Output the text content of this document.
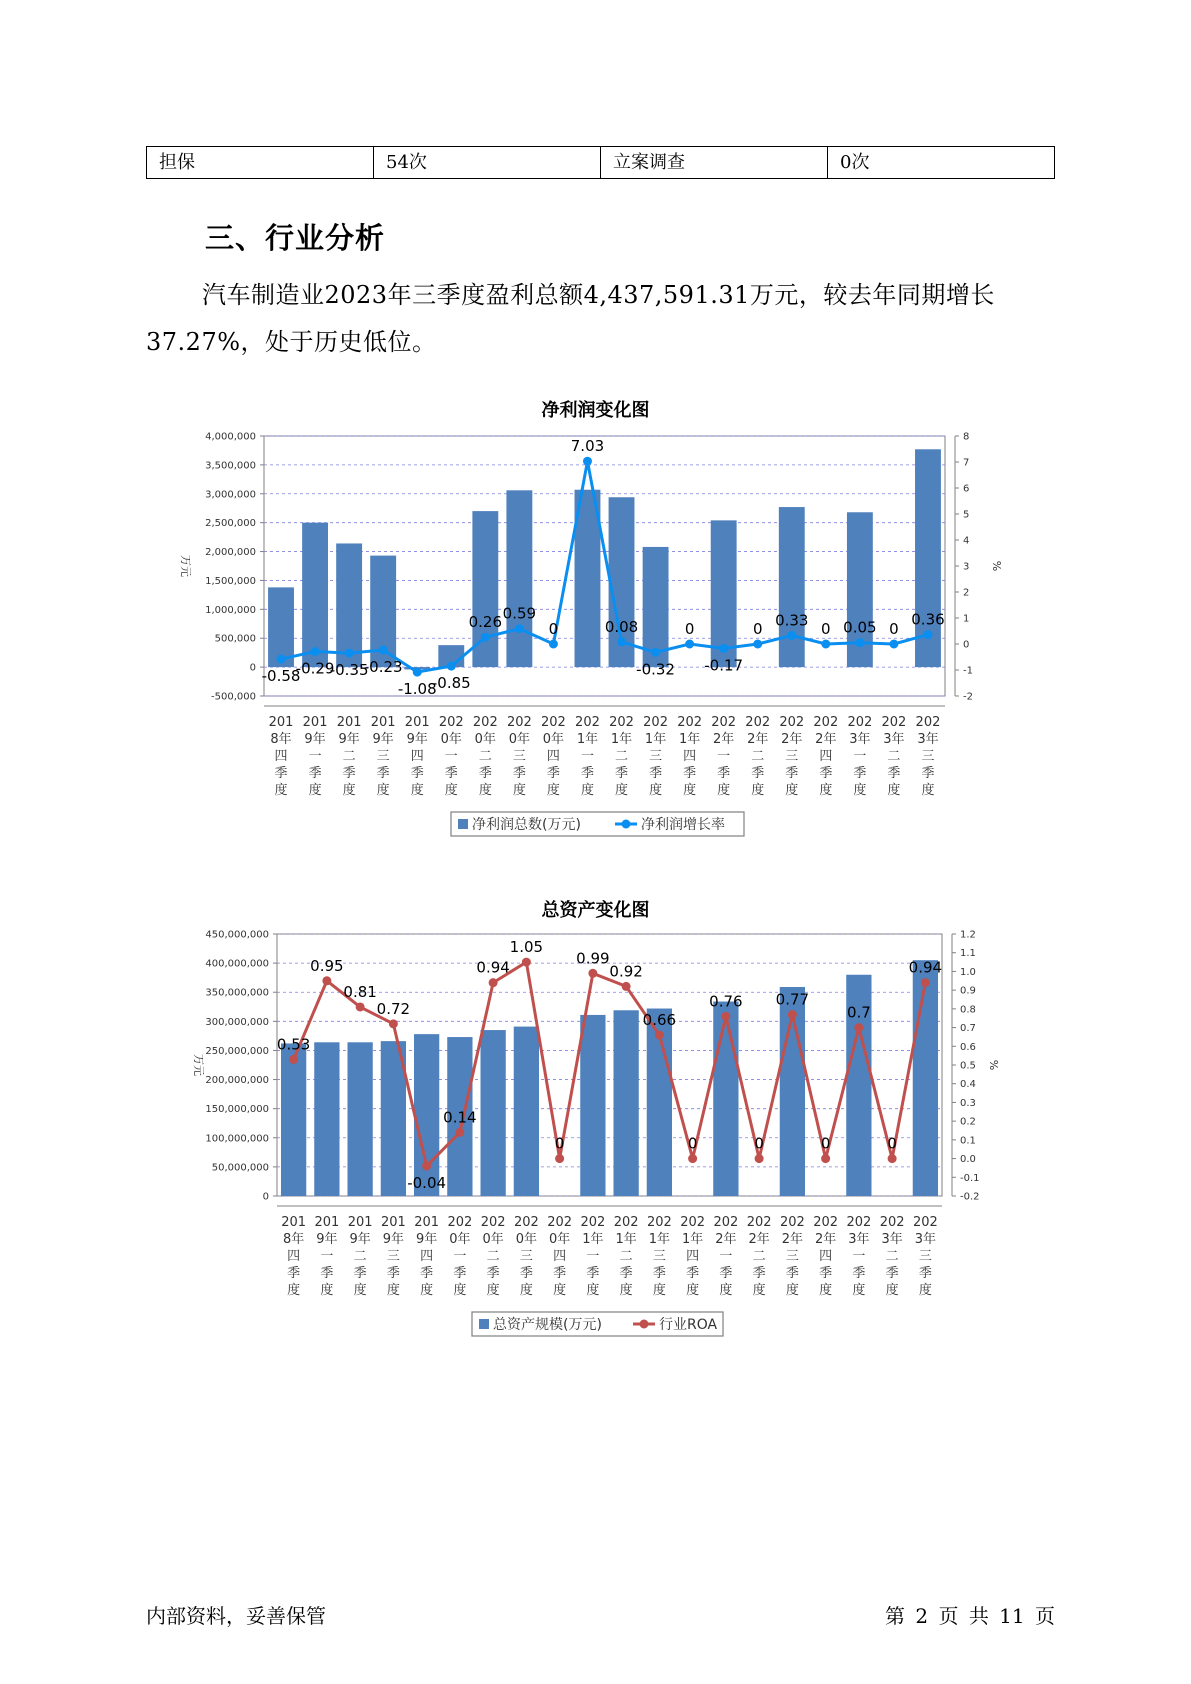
担保	54次	立案调查	0次
三、行业分析
汽车制造业2023年三季度盈利总额4,437,591.31万元，较去年同期增长37.27%，处于历史低位。
净利润变化图
-500,000
0
500,000
1,000,000
1,500,000
2,000,000
2,500,000
3,000,000
3,500,000
4,000,000
-2
-1
0
1
2
3
4
5
6
7
8
万元	%
-0.58
-0.29
-0.35
-0.23
-1.08
-0.85
0.26 0.59
0
7.03
0.08
-0.32
0
-0.17
0 0.33 0 0.05 0
0.36
201 8年四季度
201 9年一季度
201 9年二季度
201 9年三季度
201 9年四季度
202 0年一季度
202 0年二季度
202 0年三季度
202 0年四季度
202 1年一季度
202 1年二季度
202 1年三季度
202 1年四季度
202 2年一季度
202 2年二季度
202 2年三季度
202 2年四季度
202 3年一季度
202 3年二季度
202 3年三季度
净利润总数(万元)	净利润增长率
总资产变化图
0
50,000,000
100,000,000
150,000,000
200,000,000
250,000,000
300,000,000
350,000,000
400,000,000
450,000,000
-0.2
-0.1
0.0
0.1
0.2
0.3
0.4
0.5
0.6
0.7
0.8
0.9
1.0
1.1
1.2
万元	%
0.53
0.95
0.81
0.72
-0.04
0.14
0.94
1.05
0
0.99
0.92
0.66
0
0.76
0
0.77
0
0.7
0
0.94
201 8年四季度
201 9年一季度
201 9年二季度
201 9年三季度
201 9年四季度
202 0年一季度
202 0年二季度
202 0年三季度
202 0年四季度
202 1年一季度
202 1年二季度
202 1年三季度
202 1年四季度
202 2年一季度
202 2年二季度
202 2年三季度
202 2年四季度
202 3年一季度
202 3年二季度
202 3年三季度
总资产规模(万元)	行业ROA
内部资料，妥善保管	第 2 页 共 11 页
